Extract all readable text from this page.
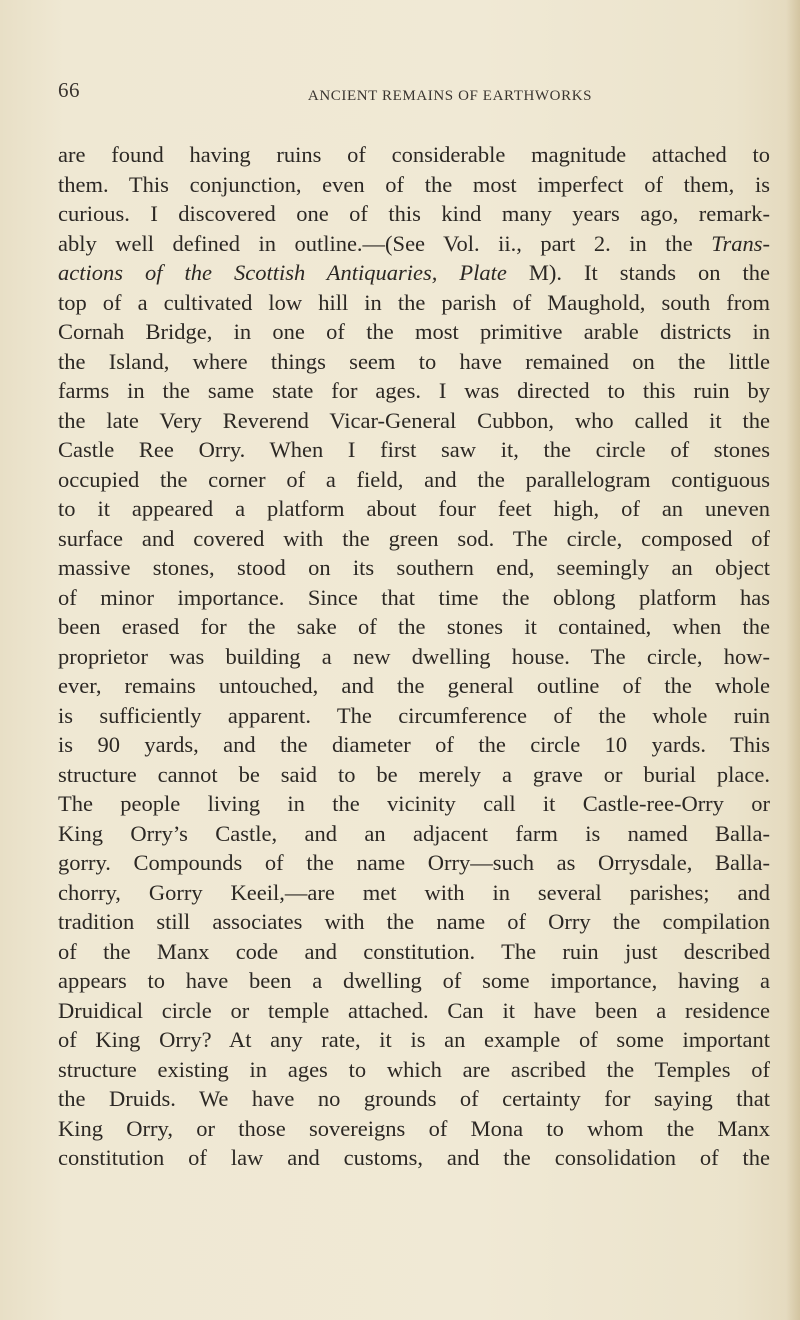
66	ANCIENT REMAINS OF EARTHWORKS
are found having ruins of considerable magnitude attached to
them. This conjunction, even of the most imperfect of them, is
curious. I discovered one of this kind many years ago, remark-
ably well defined in outline.—(See Vol. ii., part 2. in the Trans-
actions of the Scottish Antiquaries, Plate M). It stands on the
top of a cultivated low hill in the parish of Maughold, south from
Cornah Bridge, in one of the most primitive arable districts in
the Island, where things seem to have remained on the little
farms in the same state for ages. I was directed to this ruin by
the late Very Reverend Vicar-General Cubbon, who called it the
Castle Ree Orry. When I first saw it, the circle of stones
occupied the corner of a field, and the parallelogram contiguous
to it appeared a platform about four feet high, of an uneven
surface and covered with the green sod. The circle, composed of
massive stones, stood on its southern end, seemingly an object
of minor importance. Since that time the oblong platform has
been erased for the sake of the stones it contained, when the
proprietor was building a new dwelling house. The circle, how-
ever, remains untouched, and the general outline of the whole
is sufficiently apparent. The circumference of the whole ruin
is 90 yards, and the diameter of the circle 10 yards. This
structure cannot be said to be merely a grave or burial place.
The people living in the vicinity call it Castle-ree-Orry or
King Orry’s Castle, and an adjacent farm is named Balla-
gorry. Compounds of the name Orry—such as Orrysdale, Balla-
chorry, Gorry Keeil,—are met with in several parishes; and
tradition still associates with the name of Orry the compilation
of the Manx code and constitution. The ruin just described
appears to have been a dwelling of some importance, having a
Druidical circle or temple attached. Can it have been a residence
of King Orry? At any rate, it is an example of some important
structure existing in ages to which are ascribed the Temples of
the Druids. We have no grounds of certainty for saying that
King Orry, or those sovereigns of Mona to whom the Manx
constitution of law and customs, and the consolidation of the
